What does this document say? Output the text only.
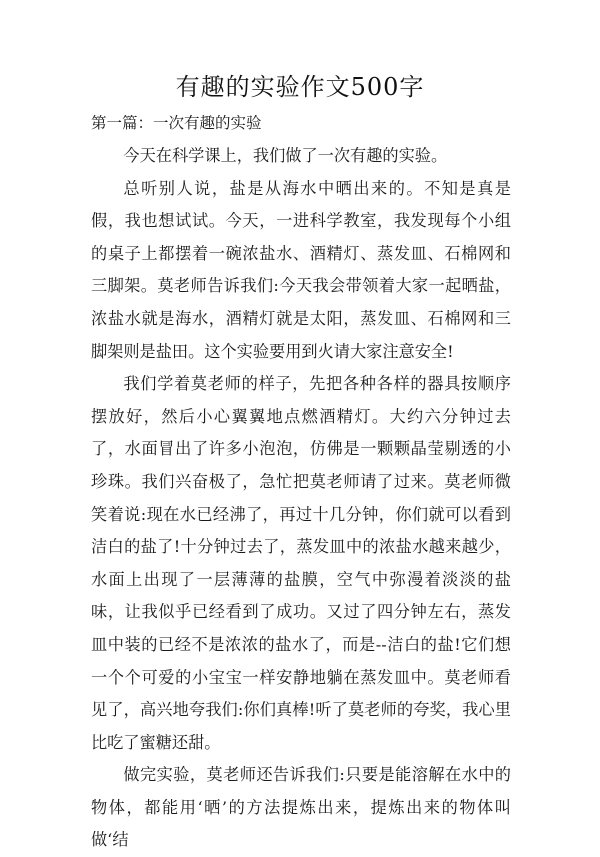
有趣的实验作文500字
第一篇：一次有趣的实验

今天在科学课上，我们做了一次有趣的实验。

总听别人说，盐是从海水中晒出来的。不知是真是假，我也想试试。今天，一进科学教室，我发现每个小组的桌子上都摆着一碗浓盐水、酒精灯、蒸发皿、石棉网和三脚架。莫老师告诉我们:今天我会带领着大家一起晒盐，浓盐水就是海水，酒精灯就是太阳，蒸发皿、石棉网和三脚架则是盐田。这个实验要用到火请大家注意安全!

我们学着莫老师的样子，先把各种各样的器具按顺序摆放好，然后小心翼翼地点燃酒精灯。大约六分钟过去了，水面冒出了许多小泡泡，仿佛是一颗颗晶莹剔透的小珍珠。我们兴奋极了，急忙把莫老师请了过来。莫老师微笑着说:现在水已经沸了，再过十几分钟，你们就可以看到洁白的盐了!十分钟过去了，蒸发皿中的浓盐水越来越少，水面上出现了一层薄薄的盐膜，空气中弥漫着淡淡的盐味，让我似乎已经看到了成功。又过了四分钟左右，蒸发皿中装的已经不是浓浓的盐水了，而是--洁白的盐!它们想一个个可爱的小宝宝一样安静地躺在蒸发皿中。莫老师看见了，高兴地夸我们:你们真棒!听了莫老师的夸奖，我心里比吃了蜜糖还甜。

做完实验，莫老师还告诉我们:只要是能溶解在水中的物体，都能用‘晒’的方法提炼出来，提炼出来的物体叫做‘结
